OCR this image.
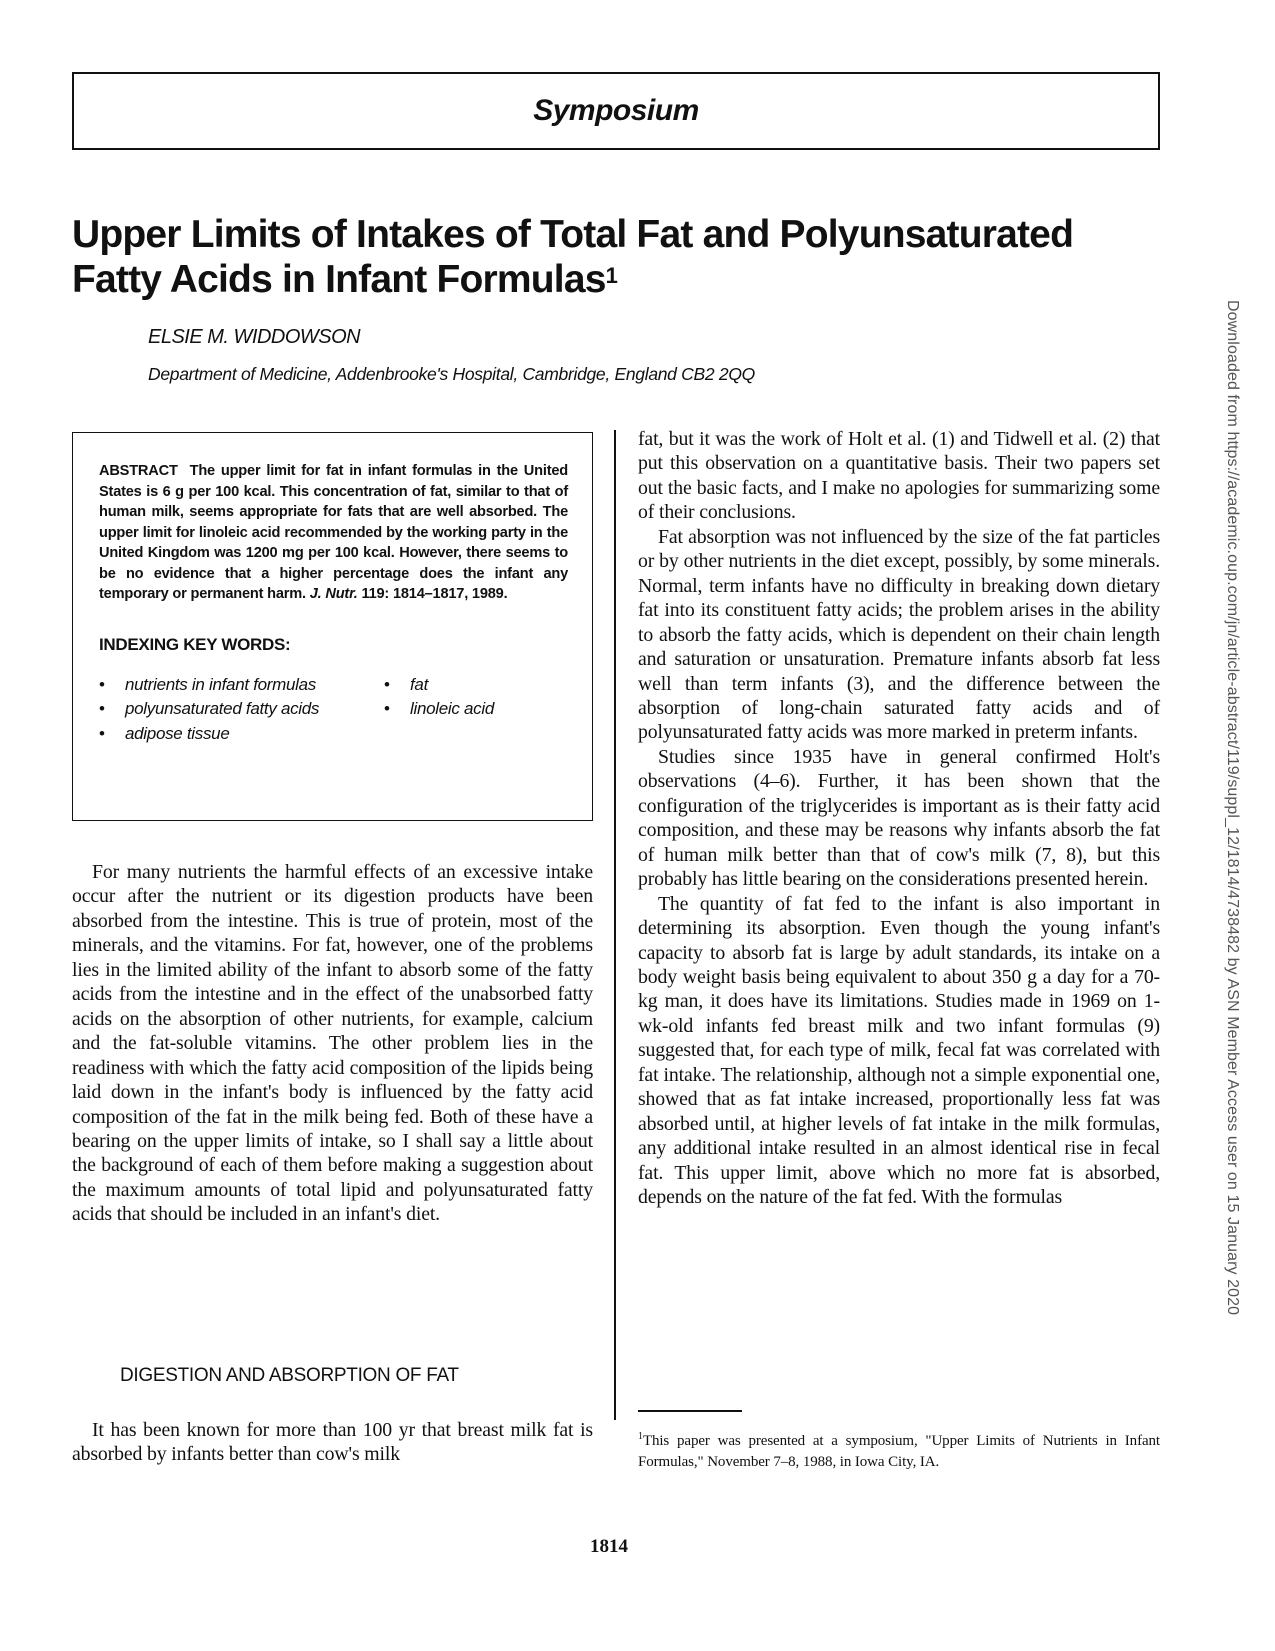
Symposium
Upper Limits of Intakes of Total Fat and Polyunsaturated Fatty Acids in Infant Formulas$^1$
ELSIE M. WIDDOWSON
Department of Medicine, Addenbrooke's Hospital, Cambridge, England CB2 2QQ

ABSTRACT The upper limit for fat in infant formulas in the United States is 6 g per 100 kcal. This concentration of fat, similar to that of human milk, seems appropriate for fats that are well absorbed. The upper limit for linoleic acid recommended by the working party in the United Kingdom was 1200 mg per 100 kcal. However, there seems to be no evidence that a higher percentage does the infant any temporary or permanent harm. J. Nutr. 119: 1814–1817, 1989.

INDEXING KEY WORDS:
•	nutrients in infant formulas	•	fat
•	polyunsaturated fatty acids	•	linoleic acid
•	adipose tissue

For many nutrients the harmful effects of an excessive intake occur after the nutrient or its digestion products have been absorbed from the intestine. This is true of protein, most of the minerals, and the vitamins. For fat, however, one of the problems lies in the limited ability of the infant to absorb some of the fatty acids from the intestine and in the effect of the unabsorbed fatty acids on the absorption of other nutrients, for example, calcium and the fat-soluble vitamins. The other problem lies in the readiness with which the fatty acid composition of the lipids being laid down in the infant's body is influenced by the fatty acid composition of the fat in the milk being fed. Both of these have a bearing on the upper limits of intake, so I shall say a little about the background of each of them before making a suggestion about the maximum amounts of total lipid and polyunsaturated fatty acids that should be included in an infant's diet.

DIGESTION AND ABSORPTION OF FAT

It has been known for more than 100 yr that breast milk fat is absorbed by infants better than cow's milk

fat, but it was the work of Holt et al. (1) and Tidwell et al. (2) that put this observation on a quantitative basis. Their two papers set out the basic facts, and I make no apologies for summarizing some of their conclusions.

Fat absorption was not influenced by the size of the fat particles or by other nutrients in the diet except, possibly, by some minerals. Normal, term infants have no difficulty in breaking down dietary fat into its constituent fatty acids; the problem arises in the ability to absorb the fatty acids, which is dependent on their chain length and saturation or unsaturation. Premature infants absorb fat less well than term infants (3), and the difference between the absorption of long-chain saturated fatty acids and of polyunsaturated fatty acids was more marked in preterm infants.

Studies since 1935 have in general confirmed Holt's observations (4–6). Further, it has been shown that the configuration of the triglycerides is important as is their fatty acid composition, and these may be reasons why infants absorb the fat of human milk better than that of cow's milk (7, 8), but this probably has little bearing on the considerations presented herein.

The quantity of fat fed to the infant is also important in determining its absorption. Even though the young infant's capacity to absorb fat is large by adult standards, its intake on a body weight basis being equivalent to about 350 g a day for a 70-kg man, it does have its limitations. Studies made in 1969 on 1-wk-old infants fed breast milk and two infant formulas (9) suggested that, for each type of milk, fecal fat was correlated with fat intake. The relationship, although not a simple exponential one, showed that as fat intake increased, proportionally less fat was absorbed until, at higher levels of fat intake in the milk formulas, any additional intake resulted in an almost identical rise in fecal fat. This upper limit, above which no more fat is absorbed, depends on the nature of the fat fed. With the formulas

$^1$This paper was presented at a symposium, "Upper Limits of Nutrients in Infant Formulas," November 7–8, 1988, in Iowa City, IA.
1814
Downloaded from https://academic.oup.com/jn/article-abstract/119/suppl_12/1814/4738482 by ASN Member Access user on 15 January 2020
